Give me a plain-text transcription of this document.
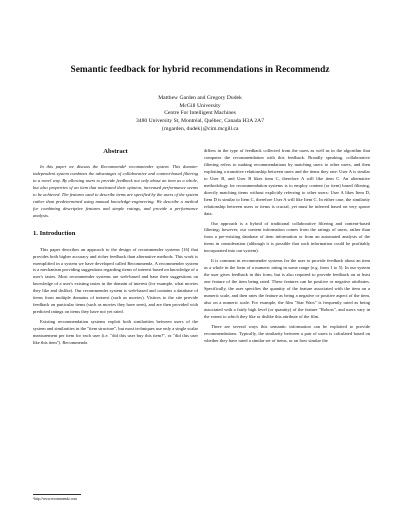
Semantic feedback for hybrid recommendations in Recommendz
Matthew Garden and Gregory Dudek
McGill University
Centre For Intelligent Machines
3480 University St, Montréal, Québec, Canada H3A 2A7
{mgarden, dudek}@cim.mcgill.ca
Abstract

In this paper we discuss the Recommendz¹ recommender system. This domain-independent system combines the advantages of collaborative and content-based filtering in a novel way. By allowing users to provide feedback not only about an item as a whole, but also properties of an item that motivated their opinion, increased performance seems to be achieved. The features used to describe items are specified by the users of the system rather than predetermined using manual knowledge-engineering. We describe a method for combining descriptive features and simple ratings, and provide a performance analysis.

1. Introduction

This paper describes an approach to the design of recommender systems [16] that provides both higher accuracy and richer feedback than alternative methods. This work is exemplified in a system we have developed called Recommendz. A recommender system is a mechanism providing suggestions regarding items of interest based on knowledge of a user's tastes. Most recommender systems are web-based and base their suggestions on knowledge of a user's existing tastes in the domain of interest (for example, what movies they like and dislike). Our recommender system is web-based and contains a database of items from multiple domains of interest (such as movies). Visitors to the site provide feedback on particular items (such as movies they have seen), and are then provided with predicted ratings on items they have not yet rated.

Existing recommendation systems exploit both similarities between users of the system and similarities in the "item structure", but most techniques use only a single scalar measurement per item for each user (i.e. "did this user buy this item?", or "did this user like this item"). Recommendz

¹http://www.recommendz.com

differs in the type of feedback collected from the users as well as in the algorithm that computes the recommendation with this feedback. Broadly speaking, collaborative filtering refers to making recommendations by matching users to other users, and then exploiting a transitive relationship between users and the items they rate: User A is similar to User B, and User B likes item C, therefore A will like item C. An alternative methodology for recommendation systems is to employ content (or item) based filtering, directly matching items without explicitly referring to other users: User A likes Item D, Item D is similar to Item C, therefore User A will like Item C. In either case, the similarity relationship between users or items is crucial, yet must be inferred based on very sparse data.

Our approach is a hybrid of traditional collaborative filtering and content-based filtering; however, our content information comes from the ratings of users, rather than from a pre-existing database of item information or from an automated analysis of the items in consideration (although it is possible that such information could be profitably incorporated into our system).

It is common in recommender systems for the user to provide feedback about an item as a whole in the form of a numeric rating in some range (e.g. from 1 to 5). In our system the user gives feedback in this form, but is also required to provide feedback on at least one feature of the item being rated. These features can be positive or negative attributes. Specifically, the user specifies the quantity of the feature associated with the item on a numeric scale, and then rates the feature as being a negative or positive aspect of the item, also on a numeric scale. For example, the film "Star Wars" is frequently rated as being associated with a fairly high level (or quantity) of the feature "Robots", and users vary in the extent to which they like or dislike this attribute of the film.

There are several ways this semantic information can be exploited to provide recommendations. Typically, the similarity between a pair of users is calculated based on whether they have rated a similar set of items, or on how similar the
